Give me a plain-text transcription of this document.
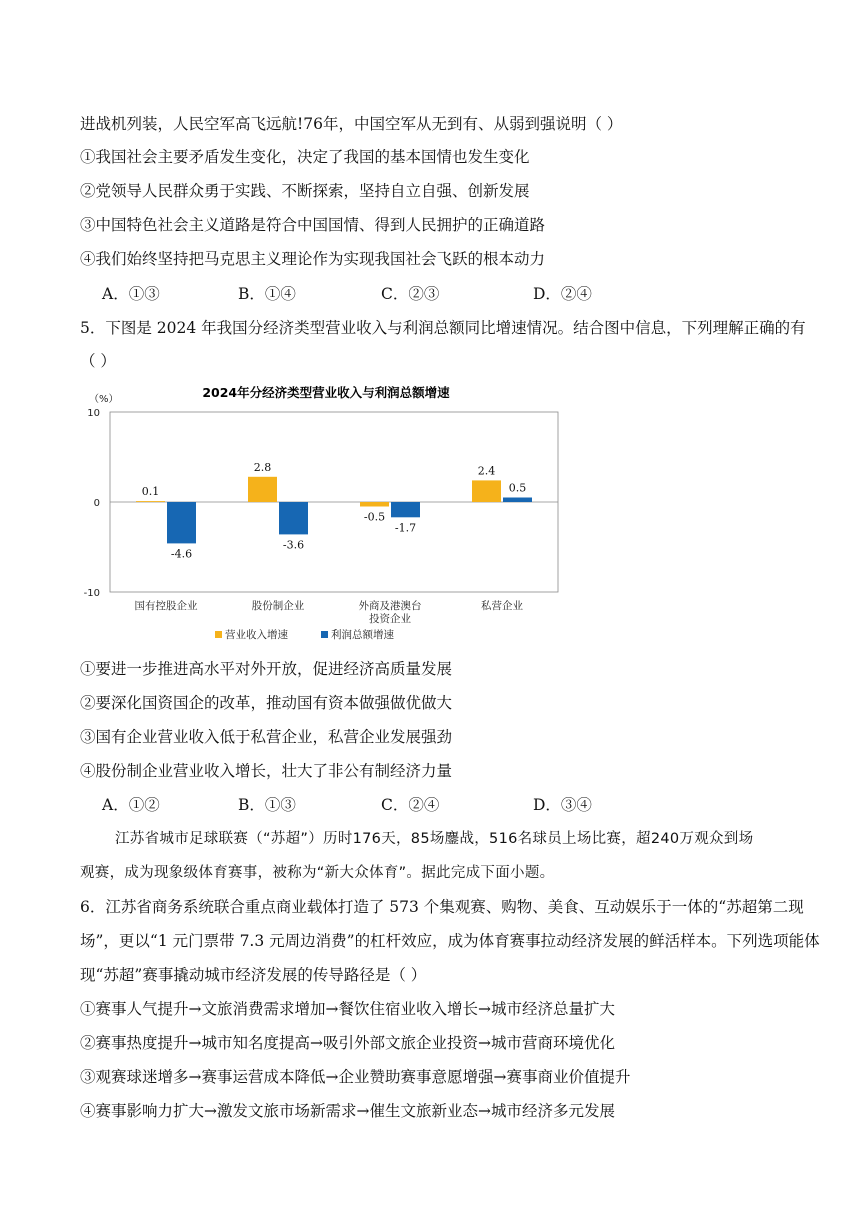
进战机列装，人民空军高飞远航!76年，中国空军从无到有、从弱到强说明（ ）
①我国社会主要矛盾发生变化，决定了我国的基本国情也发生变化
②党领导人民群众勇于实践、不断探索，坚持自立自强、创新发展
③中国特色社会主义道路是符合中国国情、得到人民拥护的正确道路
④我们始终坚持把马克思主义理论作为实现我国社会飞跃的根本动力
A．①③	B．①④	C．②③	D．②④
5．下图是 2024 年我国分经济类型营业收入与利润总额同比增速情况。结合图中信息，下列理解正确的有
（ ）
2024年分经济类型营业收入与利润总额增速
（%）
10
0
-10
0.1
-4.6
国有控股企业
2.8
-3.6
股份制企业
-0.5
-1.7
外商及港澳台
投资企业
2.4
0.5
私营企业
营业收入增速	利润总额增速
①要进一步推进高水平对外开放，促进经济高质量发展
②要深化国资国企的改革，推动国有资本做强做优做大
③国有企业营业收入低于私营企业，私营企业发展强劲
④股份制企业营业收入增长，壮大了非公有制经济力量
A．①②	B．①③	C．②④	D．③④
江苏省城市足球联赛（“苏超”）历时176天，85场鏖战，516名球员上场比赛，超240万观众到场
观赛，成为现象级体育赛事，被称为“新大众体育”。据此完成下面小题。
6．江苏省商务系统联合重点商业载体打造了 573 个集观赛、购物、美食、互动娱乐于一体的“苏超第二现
场”，更以“1 元门票带 7.3 元周边消费”的杠杆效应，成为体育赛事拉动经济发展的鲜活样本。下列选项能体
现“苏超”赛事撬动城市经济发展的传导路径是（ ）
①赛事人气提升→文旅消费需求增加→餐饮住宿业收入增长→城市经济总量扩大
②赛事热度提升→城市知名度提高→吸引外部文旅企业投资→城市营商环境优化
③观赛球迷增多→赛事运营成本降低→企业赞助赛事意愿增强→赛事商业价值提升
④赛事影响力扩大→激发文旅市场新需求→催生文旅新业态→城市经济多元发展
